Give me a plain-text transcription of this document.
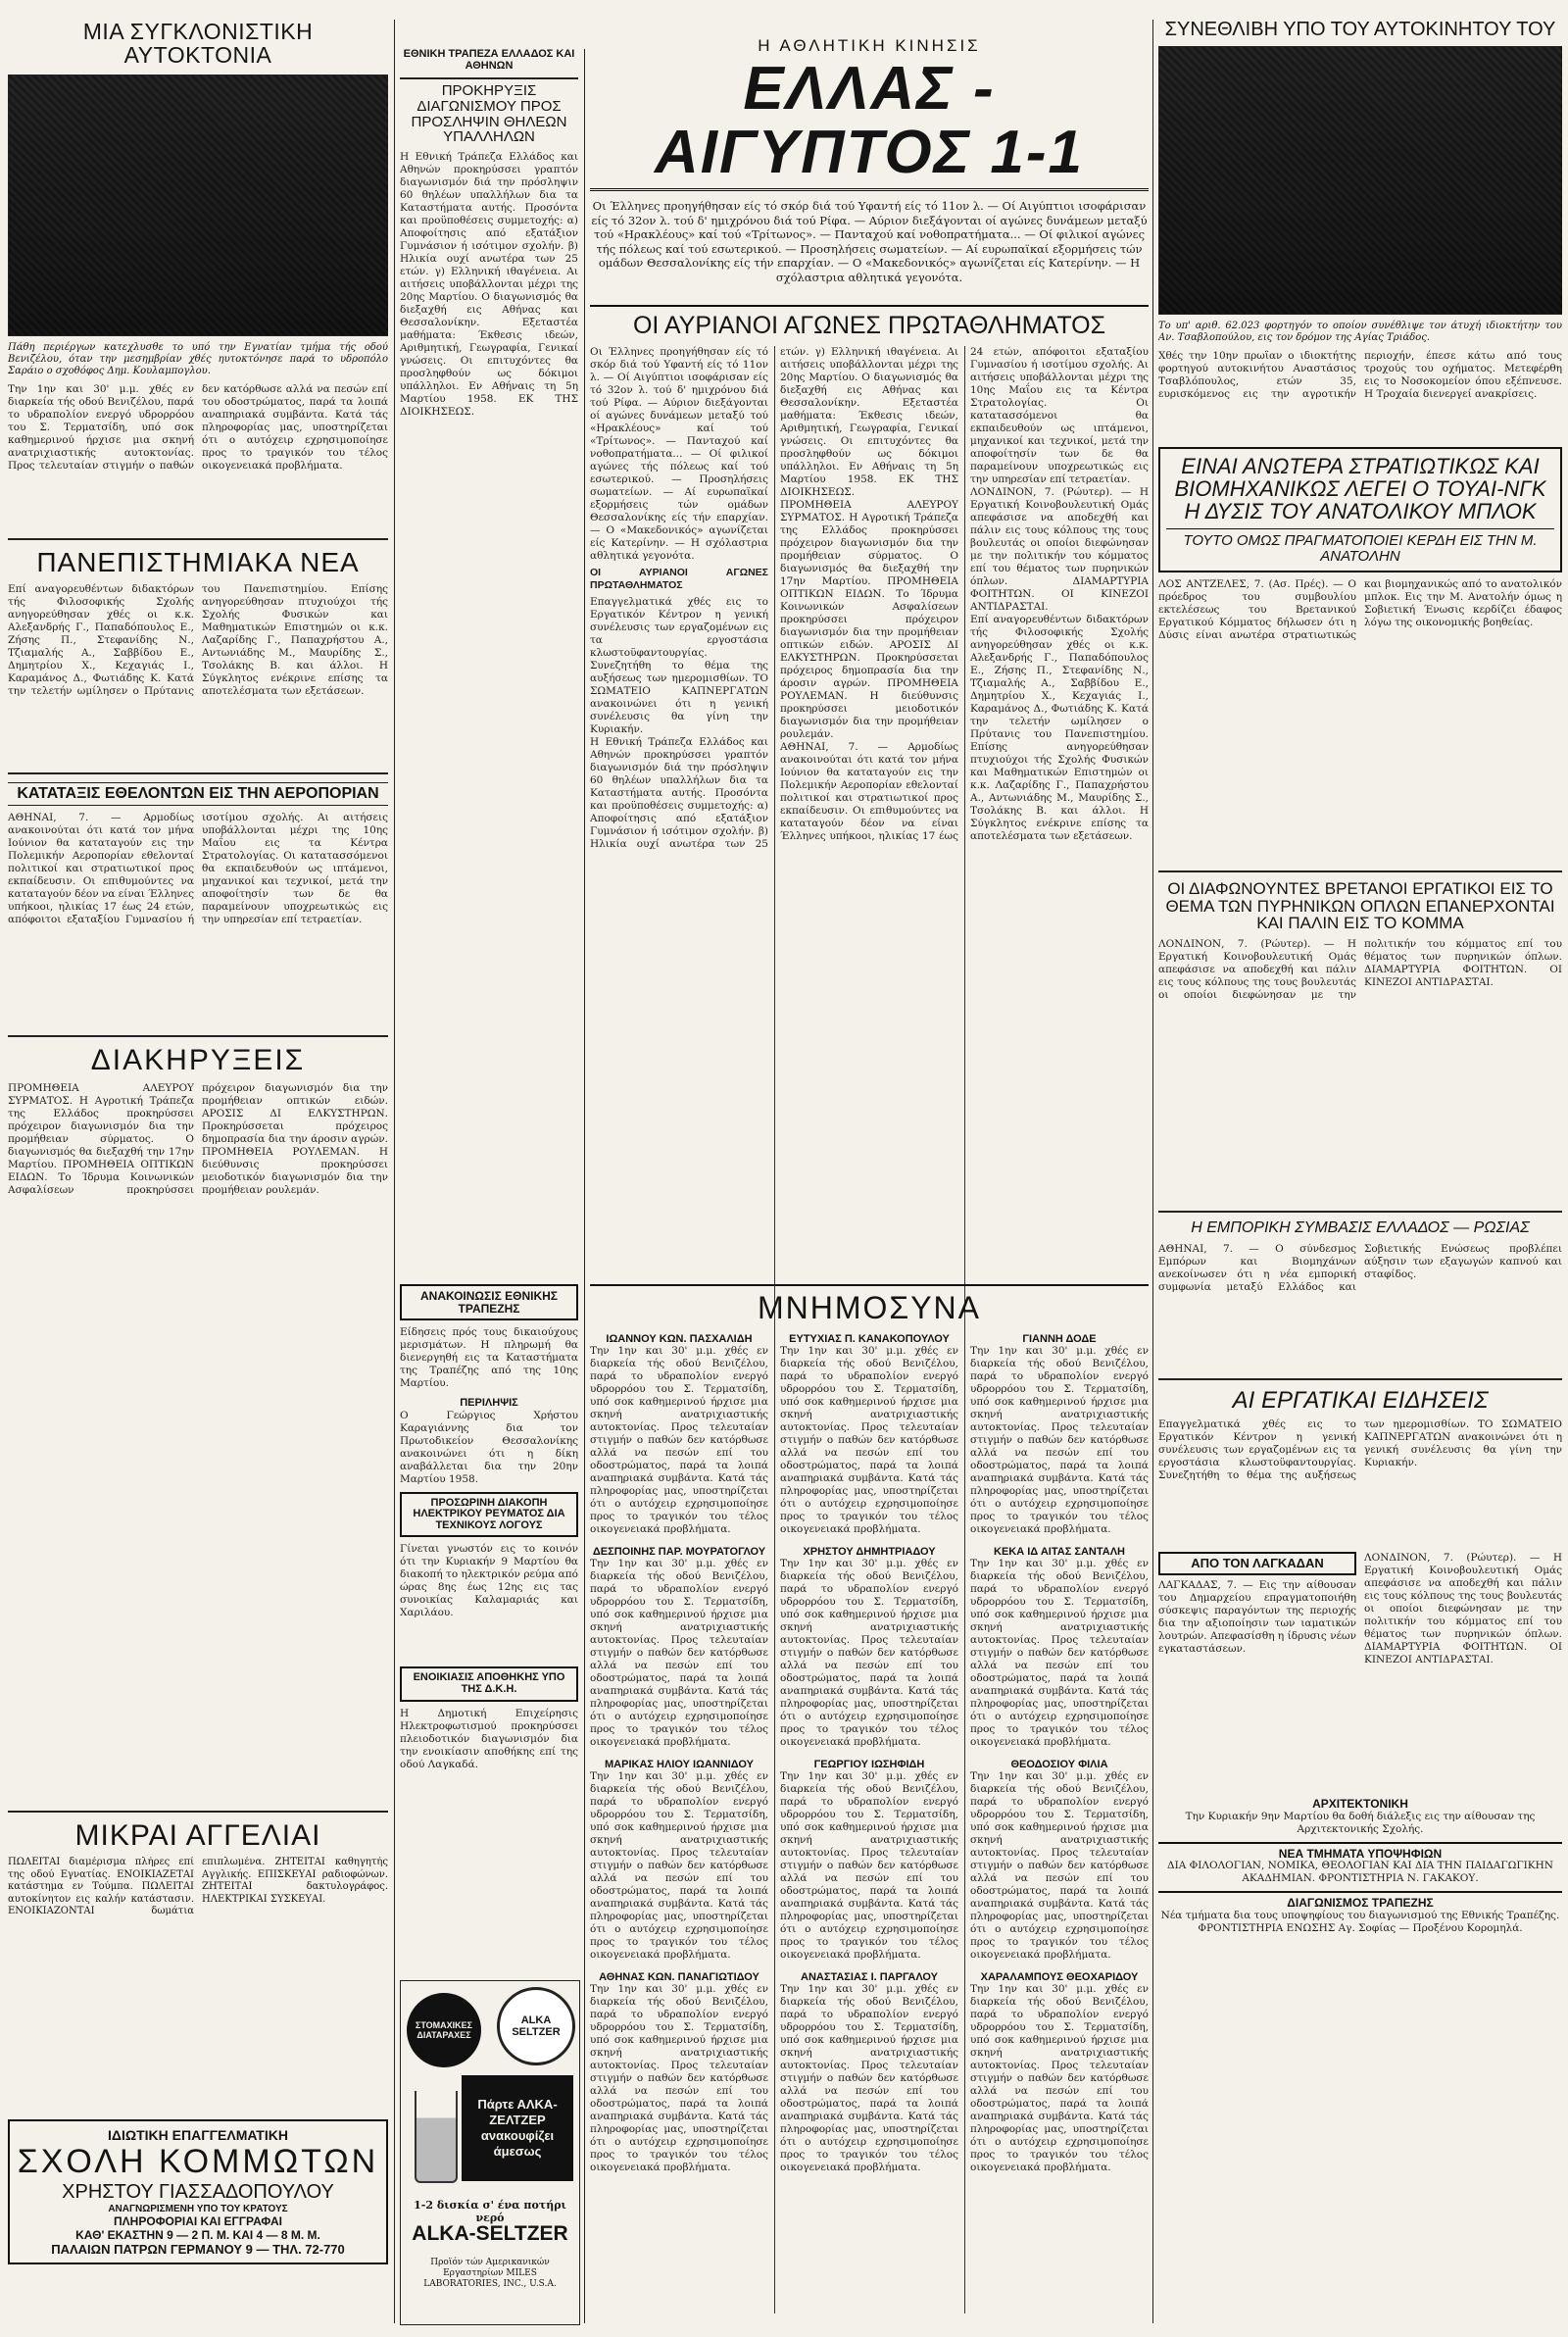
ΜΙΑ ΣΥΓΚΛΟΝΙΣΤΙΚΗ ΑΥΤΟΚΤΟΝΙΑ
Πάθη περιέργων κατεχλυσθε το υπό την Εγνατίαν τμήμα τής οδού Βενιζέλου, όταν την μεσημβρίαν χθές ηυτοκτόνησε παρά το υδροπόλο Σαράιο ο σχοθόφος Δημ. Κουλαμπογλου.
Την 1ην και 30' μ.μ. χθές εν διαρκεία τής οδού Βενιζέλου, παρά το υδραπολίον ενεργό υδρορρόου του Σ. Τερματσίδη, υπό σοκ καθημερινού ήρχισε μια σκηνή ανατριχιαστικής αυτοκτονίας. Προς τελευταίαν στιγμήν ο παθών δεν κατόρθωσε αλλά να πεσών επί του οδοστρώματος, παρά τα λοιπά αναπηριακά συμβάντα. Κατά τάς πληροφορίας μας, υποστηρίζεται ότι ο αυτόχειρ εχρησιμοποίησε προς το τραγικόν του τέλος οικογενειακά προβλήματα.
ΠΑΝΕΠΙΣΤΗΜΙΑΚΑ ΝΕΑ
Επί αναγορευθέντων διδακτόρων τής Φιλοσοφικής Σχολής ανηγορεύθησαν χθές οι κ.κ. Αλεξανδρής Γ., Παπαδόπουλος Ε., Ζήσης Π., Στεφανίδης Ν., Τζιαμαλής Α., Σαββίδου Ε., Δημητρίου Χ., Κεχαγιάς Ι., Καραμάνος Δ., Φωτιάδης Κ. Κατά την τελετήν ωμίλησεν ο Πρύτανις του Πανεπιστημίου. Επίσης ανηγορεύθησαν πτυχιούχοι τής Σχολής Φυσικών και Μαθηματικών Επιστημών οι κ.κ. Λαζαρίδης Γ., Παπαχρήστου Α., Αντωνιάδης Μ., Μαυρίδης Σ., Τσολάκης Β. και άλλοι. Η Σύγκλητος ενέκρινε επίσης τα αποτελέσματα των εξετάσεων.
ΚΑΤΑΤΑΞΙΣ ΕΘΕΛΟΝΤΩΝ ΕΙΣ ΤΗΝ ΑΕΡΟΠΟΡΙΑΝ
ΑΘΗΝΑΙ, 7. — Αρμοδίως ανακοινούται ότι κατά τον μήνα Ιούνιον θα καταταγούν εις την Πολεμικήν Αεροπορίαν εθελονταί πολιτικοί και στρατιωτικοί προς εκπαίδευσιν. Οι επιθυμούντες να καταταγούν δέον να είναι Έλληνες υπήκοοι, ηλικίας 17 έως 24 ετών, απόφοιτοι εξαταξίου Γυμνασίου ή ισοτίμου σχολής. Αι αιτήσεις υποβάλλονται μέχρι της 10ης Μαΐου εις τα Κέντρα Στρατολογίας. Οι κατατασσόμενοι θα εκπαιδευθούν ως ιπτάμενοι, μηχανικοί και τεχνικοί, μετά την αποφοίτησίν των δε θα παραμείνουν υποχρεωτικώς εις την υπηρεσίαν επί τετραετίαν.
ΔΙΑΚΗΡΥΞΕΙΣ
ΠΡΟΜΗΘΕΙΑ ΑΛΕΥΡΟΥ ΣΥΡΜΑΤΟΣ. Η Αγροτική Τράπεζα της Ελλάδος προκηρύσσει πρόχειρον διαγωνισμόν δια την προμήθειαν σύρματος. Ο διαγωνισμός θα διεξαχθή την 17ην Μαρτίου. ΠΡΟΜΗΘΕΙΑ ΟΠΤΙΚΩΝ ΕΙΔΩΝ. Το Ίδρυμα Κοινωνικών Ασφαλίσεων προκηρύσσει πρόχειρον διαγωνισμόν δια την προμήθειαν οπτικών ειδών. ΑΡΟΣΙΣ ΔΙ ΕΛΚΥΣΤΗΡΩΝ. Προκηρύσσεται πρόχειρος δημοπρασία δια την άροσιν αγρών. ΠΡΟΜΗΘΕΙΑ ΡΟΥΛΕΜΑΝ. Η διεύθυνσις προκηρύσσει μειοδοτικόν διαγωνισμόν δια την προμήθειαν ρουλεμάν.
ΜΙΚΡΑΙ ΑΓΓΕΛΙΑΙ
ΠΩΛΕΙΤΑΙ διαμέρισμα πλήρες επί της οδού Εγνατίας. ΕΝΟΙΚΙΑΖΕΤΑΙ κατάστημα εν Τούμπα. ΠΩΛΕΙΤΑΙ αυτοκίνητον εις καλήν κατάστασιν. ΕΝΟΙΚΙΑΖΟΝΤΑΙ δωμάτια επιπλωμένα. ΖΗΤΕΙΤΑΙ καθηγητής Αγγλικής. ΕΠΙΣΚΕΥΑΙ ραδιοφώνων. ΖΗΤΕΙΤΑΙ δακτυλογράφος. ΗΛΕΚΤΡΙΚΑΙ ΣΥΣΚΕΥΑΙ.
ΙΔΙΩΤΙΚΗ ΕΠΑΓΓΕΛΜΑΤΙΚΗ
ΣΧΟΛΗ ΚΟΜΜΩΤΩΝ
ΧΡΗΣΤΟΥ ΓΙΑΣΣΑΔΟΠΟΥΛΟΥ
ΑΝΑΓΝΩΡΙΣΜΕΝΗ ΥΠΟ ΤΟΥ ΚΡΑΤΟΥΣ
ΠΛΗΡΟΦΟΡΙΑΙ ΚΑΙ ΕΓΓΡΑΦΑΙ
ΚΑΘ' ΕΚΑΣΤΗΝ 9 — 2 Π. Μ. ΚΑΙ 4 — 8 Μ. Μ.
ΠΑΛΑΙΩΝ ΠΑΤΡΩΝ ΓΕΡΜΑΝΟΥ 9 — ΤΗΛ. 72-770
ΕΘΝΙΚΗ ΤΡΑΠΕΖΑ ΕΛΛΑΔΟΣ ΚΑΙ ΑΘΗΝΩΝ
ΠΡΟΚΗΡΥΞΙΣ ΔΙΑΓΩΝΙΣΜΟΥ ΠΡΟΣ ΠΡΟΣΛΗΨΙΝ ΘΗΛΕΩΝ ΥΠΑΛΛΗΛΩΝ
Η Εθνική Τράπεζα Ελλάδος και Αθηνών προκηρύσσει γραπτόν διαγωνισμόν διά την πρόσληψιν 60 θηλέων υπαλλήλων δια τα Καταστήματα αυτής. Προσόντα και προϋποθέσεις συμμετοχής: α) Αποφοίτησις από εξατάξιον Γυμνάσιον ή ισότιμον σχολήν. β) Ηλικία ουχί ανωτέρα των 25 ετών. γ) Ελληνική ιθαγένεια. Αι αιτήσεις υποβάλλονται μέχρι της 20ης Μαρτίου. Ο διαγωνισμός θα διεξαχθή εις Αθήνας και Θεσσαλονίκην. Εξεταστέα μαθήματα: Έκθεσις ιδεών, Αριθμητική, Γεωγραφία, Γενικαί γνώσεις. Οι επιτυχόντες θα προσληφθούν ως δόκιμοι υπάλληλοι. Εν Αθήναις τη 5η Μαρτίου 1958. ΕΚ ΤΗΣ ΔΙΟΙΚΗΣΕΩΣ.
ΑΝΑΚΟΙΝΩΣΙΣ ΕΘΝΙΚΗΣ ΤΡΑΠΕΖΗΣ
Είδησεις πρός τους δικαιούχους μερισμάτων. Η πληρωμή θα διενεργηθή εις τα Καταστήματα της Τραπέζης από της 10ης Μαρτίου.
ΠΕΡΙΛΗΨΙΣ
Ο Γεώργιος Χρήστου Καραγιάννης δια τον Πρωτοδικείον Θεσσαλονίκης ανακοινώνει ότι η δίκη αναβάλλεται δια την 20ην Μαρτίου 1958.
ΠΡΟΣΩΡΙΝΗ ΔΙΑΚΟΠΗ ΗΛΕΚΤΡΙΚΟΥ ΡΕΥΜΑΤΟΣ ΔΙΑ ΤΕΧΝΙΚΟΥΣ ΛΟΓΟΥΣ
Γίνεται γνωστόν εις το κοινόν ότι την Κυριακήν 9 Μαρτίου θα διακοπή το ηλεκτρικόν ρεύμα από ώρας 8ης έως 12ης εις τας συνοικίας Καλαμαριάς και Χαριλάου.
ΕΝΟΙΚΙΑΣΙΣ ΑΠΟΘΗΚΗΣ ΥΠΟ ΤΗΣ Δ.Κ.Η.
Η Δημοτική Επιχείρησις Ηλεκτροφωτισμού προκηρύσσει πλειοδοτικόν διαγωνισμόν δια την ενοικίασιν αποθήκης επί της οδού Λαγκαδά.
ΣΤΟΜΑΧΙΚΕΣ ΔΙΑΤΑΡΑΧΕΣ
ALKA SELTZER
Πάρτε ΑΛΚΑ-ΖΕΛΤΖΕΡ ανακουφίζει άμεσως
1-2 δισκία σ' ένα ποτήρι νερό
ALKA-SELTZER
Προϊόν τών Αμερικανικών Εργαστηρίων MILES LABORATORIES, INC., U.S.A.
Η ΑΘΛΗΤΙΚΗ ΚΙΝΗΣΙΣ
ΕΛΛΑΣ - ΑΙΓΥΠΤΟΣ 1-1
Οι Έλληνες προηγήθησαν είς τό σκόρ διά τού Υφαντή είς τό 11ον λ. — Οί Αιγύπτιοι ισοφάρισαν είς τό 32ον λ. τού δ' ημιχρόνου διά τού Ρίφα. — Αύριον διεξάγονται οί αγώνες δυνάμεων μεταξύ τού «Ηρακλέους» καί τού «Τρίτωνος». — Πανταχού καί νοθοπρατήματα... — Οί φιλικοί αγώνες τής πόλεως καί τού εσωτερικού. — Προσηλήσεις σωματείων. — Αί ευρωπαϊκαί εξορμήσεις τών ομάδων Θεσσαλονίκης είς τήν επαρχίαν. — Ο «Μακεδονικός» αγωνίζεται είς Κατερίνην. — Η σχόλαστρια αθλητικά γεγονότα.
ΟΙ ΑΥΡΙΑΝΟΙ ΑΓΩΝΕΣ ΠΡΩΤΑΘΛΗΜΑΤΟΣ
Οι Έλληνες προηγήθησαν είς τό σκόρ διά τού Υφαντή είς τό 11ον λ. — Οί Αιγύπτιοι ισοφάρισαν είς τό 32ον λ. τού δ' ημιχρόνου διά τού Ρίφα. — Αύριον διεξάγονται οί αγώνες δυνάμεων μεταξύ τού «Ηρακλέους» καί τού «Τρίτωνος». — Πανταχού καί νοθοπρατήματα... — Οί φιλικοί αγώνες τής πόλεως καί τού εσωτερικού. — Προσηλήσεις σωματείων. — Αί ευρωπαϊκαί εξορμήσεις τών ομάδων Θεσσαλονίκης είς τήν επαρχίαν. — Ο «Μακεδονικός» αγωνίζεται είς Κατερίνην. — Η σχόλαστρια αθλητικά γεγονότα.
ΟΙ ΑΥΡΙΑΝΟΙ ΑΓΩΝΕΣ ΠΡΩΤΑΘΛΗΜΑΤΟΣ
Επαγγελματικά χθές εις το Εργατικόν Κέντρον η γενική συνέλευσις των εργαζομένων εις τα εργοστάσια κλωστοϋφαντουργίας. Συνεζητήθη το θέμα της αυξήσεως των ημερομισθίων. ΤΟ ΣΩΜΑΤΕΙΟ ΚΑΠΝΕΡΓΑΤΩΝ ανακοινώνει ότι η γενική συνέλευσις θα γίνη την Κυριακήν.
Η Εθνική Τράπεζα Ελλάδος και Αθηνών προκηρύσσει γραπτόν διαγωνισμόν διά την πρόσληψιν 60 θηλέων υπαλλήλων δια τα Καταστήματα αυτής. Προσόντα και προϋποθέσεις συμμετοχής: α) Αποφοίτησις από εξατάξιον Γυμνάσιον ή ισότιμον σχολήν. β) Ηλικία ουχί ανωτέρα των 25 ετών. γ) Ελληνική ιθαγένεια. Αι αιτήσεις υποβάλλονται μέχρι της 20ης Μαρτίου. Ο διαγωνισμός θα διεξαχθή εις Αθήνας και Θεσσαλονίκην. Εξεταστέα μαθήματα: Έκθεσις ιδεών, Αριθμητική, Γεωγραφία, Γενικαί γνώσεις. Οι επιτυχόντες θα προσληφθούν ως δόκιμοι υπάλληλοι. Εν Αθήναις τη 5η Μαρτίου 1958. ΕΚ ΤΗΣ ΔΙΟΙΚΗΣΕΩΣ.
ΠΡΟΜΗΘΕΙΑ ΑΛΕΥΡΟΥ ΣΥΡΜΑΤΟΣ. Η Αγροτική Τράπεζα της Ελλάδος προκηρύσσει πρόχειρον διαγωνισμόν δια την προμήθειαν σύρματος. Ο διαγωνισμός θα διεξαχθή την 17ην Μαρτίου. ΠΡΟΜΗΘΕΙΑ ΟΠΤΙΚΩΝ ΕΙΔΩΝ. Το Ίδρυμα Κοινωνικών Ασφαλίσεων προκηρύσσει πρόχειρον διαγωνισμόν δια την προμήθειαν οπτικών ειδών. ΑΡΟΣΙΣ ΔΙ ΕΛΚΥΣΤΗΡΩΝ. Προκηρύσσεται πρόχειρος δημοπρασία δια την άροσιν αγρών. ΠΡΟΜΗΘΕΙΑ ΡΟΥΛΕΜΑΝ. Η διεύθυνσις προκηρύσσει μειοδοτικόν διαγωνισμόν δια την προμήθειαν ρουλεμάν.
ΑΘΗΝΑΙ, 7. — Αρμοδίως ανακοινούται ότι κατά τον μήνα Ιούνιον θα καταταγούν εις την Πολεμικήν Αεροπορίαν εθελονταί πολιτικοί και στρατιωτικοί προς εκπαίδευσιν. Οι επιθυμούντες να καταταγούν δέον να είναι Έλληνες υπήκοοι, ηλικίας 17 έως 24 ετών, απόφοιτοι εξαταξίου Γυμνασίου ή ισοτίμου σχολής. Αι αιτήσεις υποβάλλονται μέχρι της 10ης Μαΐου εις τα Κέντρα Στρατολογίας. Οι κατατασσόμενοι θα εκπαιδευθούν ως ιπτάμενοι, μηχανικοί και τεχνικοί, μετά την αποφοίτησίν των δε θα παραμείνουν υποχρεωτικώς εις την υπηρεσίαν επί τετραετίαν.
ΛΟΝΔΙΝΟΝ, 7. (Ρώυτερ). — Η Εργατική Κοινοβουλευτική Ομάς απεφάσισε να αποδεχθή και πάλιν εις τους κόλπους της τους βουλευτάς οι οποίοι διεφώνησαν με την πολιτικήν του κόμματος επί του θέματος των πυρηνικών όπλων. ΔΙΑΜΑΡΤΥΡΙΑ ΦΟΙΤΗΤΩΝ. ΟΙ ΚΙΝΕΖΟΙ ΑΝΤΙΔΡΑΣΤΑΙ.
Επί αναγορευθέντων διδακτόρων τής Φιλοσοφικής Σχολής ανηγορεύθησαν χθές οι κ.κ. Αλεξανδρής Γ., Παπαδόπουλος Ε., Ζήσης Π., Στεφανίδης Ν., Τζιαμαλής Α., Σαββίδου Ε., Δημητρίου Χ., Κεχαγιάς Ι., Καραμάνος Δ., Φωτιάδης Κ. Κατά την τελετήν ωμίλησεν ο Πρύτανις του Πανεπιστημίου. Επίσης ανηγορεύθησαν πτυχιούχοι τής Σχολής Φυσικών και Μαθηματικών Επιστημών οι κ.κ. Λαζαρίδης Γ., Παπαχρήστου Α., Αντωνιάδης Μ., Μαυρίδης Σ., Τσολάκης Β. και άλλοι. Η Σύγκλητος ενέκρινε επίσης τα αποτελέσματα των εξετάσεων.
ΜΝΗΜΟΣΥΝΑ
ΙΩΑΝΝΟΥ ΚΩΝ. ΠΑΣΧΑΛΙΔΗ
Την 1ην και 30' μ.μ. χθές εν διαρκεία τής οδού Βενιζέλου, παρά το υδραπολίον ενεργό υδρορρόου του Σ. Τερματσίδη, υπό σοκ καθημερινού ήρχισε μια σκηνή ανατριχιαστικής αυτοκτονίας. Προς τελευταίαν στιγμήν ο παθών δεν κατόρθωσε αλλά να πεσών επί του οδοστρώματος, παρά τα λοιπά αναπηριακά συμβάντα. Κατά τάς πληροφορίας μας, υποστηρίζεται ότι ο αυτόχειρ εχρησιμοποίησε προς το τραγικόν του τέλος οικογενειακά προβλήματα.
ΔΕΣΠΟΙΝΗΣ ΠΑΡ. ΜΟΥΡΑΤΟΓΛΟΥ
Την 1ην και 30' μ.μ. χθές εν διαρκεία τής οδού Βενιζέλου, παρά το υδραπολίον ενεργό υδρορρόου του Σ. Τερματσίδη, υπό σοκ καθημερινού ήρχισε μια σκηνή ανατριχιαστικής αυτοκτονίας. Προς τελευταίαν στιγμήν ο παθών δεν κατόρθωσε αλλά να πεσών επί του οδοστρώματος, παρά τα λοιπά αναπηριακά συμβάντα. Κατά τάς πληροφορίας μας, υποστηρίζεται ότι ο αυτόχειρ εχρησιμοποίησε προς το τραγικόν του τέλος οικογενειακά προβλήματα.
ΜΑΡΙΚΑΣ ΗΛΙΟΥ ΙΩΑΝΝΙΔΟΥ
Την 1ην και 30' μ.μ. χθές εν διαρκεία τής οδού Βενιζέλου, παρά το υδραπολίον ενεργό υδρορρόου του Σ. Τερματσίδη, υπό σοκ καθημερινού ήρχισε μια σκηνή ανατριχιαστικής αυτοκτονίας. Προς τελευταίαν στιγμήν ο παθών δεν κατόρθωσε αλλά να πεσών επί του οδοστρώματος, παρά τα λοιπά αναπηριακά συμβάντα. Κατά τάς πληροφορίας μας, υποστηρίζεται ότι ο αυτόχειρ εχρησιμοποίησε προς το τραγικόν του τέλος οικογενειακά προβλήματα.
ΑΘΗΝΑΣ ΚΩΝ. ΠΑΝΑΓΙΩΤΙΔΟΥ
Την 1ην και 30' μ.μ. χθές εν διαρκεία τής οδού Βενιζέλου, παρά το υδραπολίον ενεργό υδρορρόου του Σ. Τερματσίδη, υπό σοκ καθημερινού ήρχισε μια σκηνή ανατριχιαστικής αυτοκτονίας. Προς τελευταίαν στιγμήν ο παθών δεν κατόρθωσε αλλά να πεσών επί του οδοστρώματος, παρά τα λοιπά αναπηριακά συμβάντα. Κατά τάς πληροφορίας μας, υποστηρίζεται ότι ο αυτόχειρ εχρησιμοποίησε προς το τραγικόν του τέλος οικογενειακά προβλήματα.
ΕΥΤΥΧΙΑΣ Π. ΚΑΝΑΚΟΠΟΥΛΟΥ
Την 1ην και 30' μ.μ. χθές εν διαρκεία τής οδού Βενιζέλου, παρά το υδραπολίον ενεργό υδρορρόου του Σ. Τερματσίδη, υπό σοκ καθημερινού ήρχισε μια σκηνή ανατριχιαστικής αυτοκτονίας. Προς τελευταίαν στιγμήν ο παθών δεν κατόρθωσε αλλά να πεσών επί του οδοστρώματος, παρά τα λοιπά αναπηριακά συμβάντα. Κατά τάς πληροφορίας μας, υποστηρίζεται ότι ο αυτόχειρ εχρησιμοποίησε προς το τραγικόν του τέλος οικογενειακά προβλήματα.
ΧΡΗΣΤΟΥ ΔΗΜΗΤΡΙΑΔΟΥ
Την 1ην και 30' μ.μ. χθές εν διαρκεία τής οδού Βενιζέλου, παρά το υδραπολίον ενεργό υδρορρόου του Σ. Τερματσίδη, υπό σοκ καθημερινού ήρχισε μια σκηνή ανατριχιαστικής αυτοκτονίας. Προς τελευταίαν στιγμήν ο παθών δεν κατόρθωσε αλλά να πεσών επί του οδοστρώματος, παρά τα λοιπά αναπηριακά συμβάντα. Κατά τάς πληροφορίας μας, υποστηρίζεται ότι ο αυτόχειρ εχρησιμοποίησε προς το τραγικόν του τέλος οικογενειακά προβλήματα.
ΓΕΩΡΓΙΟΥ ΙΩΣΗΦΙΔΗ
Την 1ην και 30' μ.μ. χθές εν διαρκεία τής οδού Βενιζέλου, παρά το υδραπολίον ενεργό υδρορρόου του Σ. Τερματσίδη, υπό σοκ καθημερινού ήρχισε μια σκηνή ανατριχιαστικής αυτοκτονίας. Προς τελευταίαν στιγμήν ο παθών δεν κατόρθωσε αλλά να πεσών επί του οδοστρώματος, παρά τα λοιπά αναπηριακά συμβάντα. Κατά τάς πληροφορίας μας, υποστηρίζεται ότι ο αυτόχειρ εχρησιμοποίησε προς το τραγικόν του τέλος οικογενειακά προβλήματα.
ΑΝΑΣΤΑΣΙΑΣ Ι. ΠΑΡΓΑΛΟΥ
Την 1ην και 30' μ.μ. χθές εν διαρκεία τής οδού Βενιζέλου, παρά το υδραπολίον ενεργό υδρορρόου του Σ. Τερματσίδη, υπό σοκ καθημερινού ήρχισε μια σκηνή ανατριχιαστικής αυτοκτονίας. Προς τελευταίαν στιγμήν ο παθών δεν κατόρθωσε αλλά να πεσών επί του οδοστρώματος, παρά τα λοιπά αναπηριακά συμβάντα. Κατά τάς πληροφορίας μας, υποστηρίζεται ότι ο αυτόχειρ εχρησιμοποίησε προς το τραγικόν του τέλος οικογενειακά προβλήματα.
ΓΙΑΝΝΗ ΔΟΔΕ
Την 1ην και 30' μ.μ. χθές εν διαρκεία τής οδού Βενιζέλου, παρά το υδραπολίον ενεργό υδρορρόου του Σ. Τερματσίδη, υπό σοκ καθημερινού ήρχισε μια σκηνή ανατριχιαστικής αυτοκτονίας. Προς τελευταίαν στιγμήν ο παθών δεν κατόρθωσε αλλά να πεσών επί του οδοστρώματος, παρά τα λοιπά αναπηριακά συμβάντα. Κατά τάς πληροφορίας μας, υποστηρίζεται ότι ο αυτόχειρ εχρησιμοποίησε προς το τραγικόν του τέλος οικογενειακά προβλήματα.
ΚΕΚΑ ΙΔ ΑΙΤΑΣ ΣΑΝΤΑΛΗ
Την 1ην και 30' μ.μ. χθές εν διαρκεία τής οδού Βενιζέλου, παρά το υδραπολίον ενεργό υδρορρόου του Σ. Τερματσίδη, υπό σοκ καθημερινού ήρχισε μια σκηνή ανατριχιαστικής αυτοκτονίας. Προς τελευταίαν στιγμήν ο παθών δεν κατόρθωσε αλλά να πεσών επί του οδοστρώματος, παρά τα λοιπά αναπηριακά συμβάντα. Κατά τάς πληροφορίας μας, υποστηρίζεται ότι ο αυτόχειρ εχρησιμοποίησε προς το τραγικόν του τέλος οικογενειακά προβλήματα.
ΘΕΟΔΟΣΙΟΥ ΦΙΛΙΑ
Την 1ην και 30' μ.μ. χθές εν διαρκεία τής οδού Βενιζέλου, παρά το υδραπολίον ενεργό υδρορρόου του Σ. Τερματσίδη, υπό σοκ καθημερινού ήρχισε μια σκηνή ανατριχιαστικής αυτοκτονίας. Προς τελευταίαν στιγμήν ο παθών δεν κατόρθωσε αλλά να πεσών επί του οδοστρώματος, παρά τα λοιπά αναπηριακά συμβάντα. Κατά τάς πληροφορίας μας, υποστηρίζεται ότι ο αυτόχειρ εχρησιμοποίησε προς το τραγικόν του τέλος οικογενειακά προβλήματα.
ΧΑΡΑΛΑΜΠΟΥΣ ΘΕΟΧΑΡΙΔΟΥ
Την 1ην και 30' μ.μ. χθές εν διαρκεία τής οδού Βενιζέλου, παρά το υδραπολίον ενεργό υδρορρόου του Σ. Τερματσίδη, υπό σοκ καθημερινού ήρχισε μια σκηνή ανατριχιαστικής αυτοκτονίας. Προς τελευταίαν στιγμήν ο παθών δεν κατόρθωσε αλλά να πεσών επί του οδοστρώματος, παρά τα λοιπά αναπηριακά συμβάντα. Κατά τάς πληροφορίας μας, υποστηρίζεται ότι ο αυτόχειρ εχρησιμοποίησε προς το τραγικόν του τέλος οικογενειακά προβλήματα.
ΣΥΝΕΘΛΙΒΗ ΥΠΟ ΤΟΥ ΑΥΤΟΚΙΝΗΤΟΥ ΤΟΥ
Το υπ' αριθ. 62.023 φορτηγόν το οποίον συνέθλιψε τον άτυχή ιδιοκτήτην του Αν. Τσαβλοπούλου, εις τον δρόμον της Αγίας Τριάδος.
Χθές την 10ην πρωΐαν ο ιδιοκτήτης φορτηγού αυτοκινήτου Αναστάσιος Τσαβλόπουλος, ετών 35, ευρισκόμενος εις την αγροτικήν περιοχήν, έπεσε κάτω από τους τροχούς του οχήματος. Μετεφέρθη εις το Νοσοκομείον όπου εξέπνευσε. Η Τροχαία διενεργεί ανακρίσεις.
ΕΙΝΑΙ ΑΝΩΤΕΡΑ ΣΤΡΑΤΙΩΤΙΚΩΣ ΚΑΙ ΒΙΟΜΗΧΑΝΙΚΩΣ ΛΕΓΕΙ Ο ΤΟΥΑΙ-ΝΓΚ Η ΔΥΣΙΣ ΤΟΥ ΑΝΑΤΟΛΙΚΟΥ ΜΠΛΟΚ
ΤΟΥΤΟ ΟΜΩΣ ΠΡΑΓΜΑΤΟΠΟΙΕΙ ΚΕΡΔΗ ΕΙΣ ΤΗΝ Μ. ΑΝΑΤΟΛΗΝ
ΛΟΣ ΑΝΤΖΕΛΕΣ, 7. (Ασ. Πρές). — Ο πρόεδρος του συμβουλίου εκτελέσεως του Βρετανικού Εργατικού Κόμματος δήλωσεν ότι η Δύσις είναι ανωτέρα στρατιωτικώς και βιομηχανικώς από το ανατολικόν μπλοκ. Εις την Μ. Ανατολήν όμως η Σοβιετική Ένωσις κερδίζει έδαφος λόγω της οικονομικής βοηθείας.
ΟΙ ΔΙΑΦΩΝΟΥΝΤΕΣ ΒΡΕΤΑΝΟΙ ΕΡΓΑΤΙΚΟΙ ΕΙΣ ΤΟ ΘΕΜΑ ΤΩΝ ΠΥΡΗΝΙΚΩΝ ΟΠΛΩΝ ΕΠΑΝΕΡΧΟΝΤΑΙ ΚΑΙ ΠΑΛΙΝ ΕΙΣ ΤΟ ΚΟΜΜΑ
ΛΟΝΔΙΝΟΝ, 7. (Ρώυτερ). — Η Εργατική Κοινοβουλευτική Ομάς απεφάσισε να αποδεχθή και πάλιν εις τους κόλπους της τους βουλευτάς οι οποίοι διεφώνησαν με την πολιτικήν του κόμματος επί του θέματος των πυρηνικών όπλων. ΔΙΑΜΑΡΤΥΡΙΑ ΦΟΙΤΗΤΩΝ. ΟΙ ΚΙΝΕΖΟΙ ΑΝΤΙΔΡΑΣΤΑΙ.
Η ΕΜΠΟΡΙΚΗ ΣΥΜΒΑΣΙΣ ΕΛΛΑΔΟΣ — ΡΩΣΙΑΣ
ΑΘΗΝΑΙ, 7. — Ο σύνδεσμος Εμπόρων και Βιομηχάνων ανεκοίνωσεν ότι η νέα εμπορική συμφωνία μεταξύ Ελλάδος και Σοβιετικής Ενώσεως προβλέπει αύξησιν των εξαγωγών καπνού και σταφίδος.
ΑΙ ΕΡΓΑΤΙΚΑΙ ΕΙΔΗΣΕΙΣ
Επαγγελματικά χθές εις το Εργατικόν Κέντρον η γενική συνέλευσις των εργαζομένων εις τα εργοστάσια κλωστοϋφαντουργίας. Συνεζητήθη το θέμα της αυξήσεως των ημερομισθίων. ΤΟ ΣΩΜΑΤΕΙΟ ΚΑΠΝΕΡΓΑΤΩΝ ανακοινώνει ότι η γενική συνέλευσις θα γίνη την Κυριακήν.
ΑΠΟ ΤΟΝ ΛΑΓΚΑΔΑΝ
ΛΑΓΚΑΔΑΣ, 7. — Εις την αίθουσαν του Δημαρχείου επραγματοποιήθη σύσκεψις παραγόντων της περιοχής δια την αξιοποίησιν των ιαματικών λουτρών. Απεφασίσθη η ίδρυσις νέων εγκαταστάσεων.
ΛΟΝΔΙΝΟΝ, 7. (Ρώυτερ). — Η Εργατική Κοινοβουλευτική Ομάς απεφάσισε να αποδεχθή και πάλιν εις τους κόλπους της τους βουλευτάς οι οποίοι διεφώνησαν με την πολιτικήν του κόμματος επί του θέματος των πυρηνικών όπλων. ΔΙΑΜΑΡΤΥΡΙΑ ΦΟΙΤΗΤΩΝ. ΟΙ ΚΙΝΕΖΟΙ ΑΝΤΙΔΡΑΣΤΑΙ.
ΑΡΧΙΤΕΚΤΟΝΙΚΗ
Την Κυριακήν 9ην Μαρτίου θα δοθή διάλεξις εις την αίθουσαν της Αρχιτεκτονικής Σχολής.
ΝΕΑ ΤΜΗΜΑΤΑ ΥΠΟΨΗΦΙΩΝ
ΔΙΑ ΦΙΛΟΛΟΓΙΑΝ, ΝΟΜΙΚΑ, ΘΕΟΛΟΓΙΑΝ ΚΑΙ ΔΙΑ ΤΗΝ ΠΑΙΔΑΓΩΓΙΚΗΝ ΑΚΑΔΗΜΙΑΝ. ΦΡΟΝΤΙΣΤΗΡΙΑ Ν. ΓΑΚΑΚΟΥ.
ΔΙΑΓΩΝΙΣΜΟΣ ΤΡΑΠΕΖΗΣ
Νέα τμήματα δια τους υποψηφίους του διαγωνισμού της Εθνικής Τραπέζης. ΦΡΟΝΤΙΣΤΗΡΙΑ ΕΝΩΣΗΣ Αγ. Σοφίας — Προξένου Κορομηλά.
